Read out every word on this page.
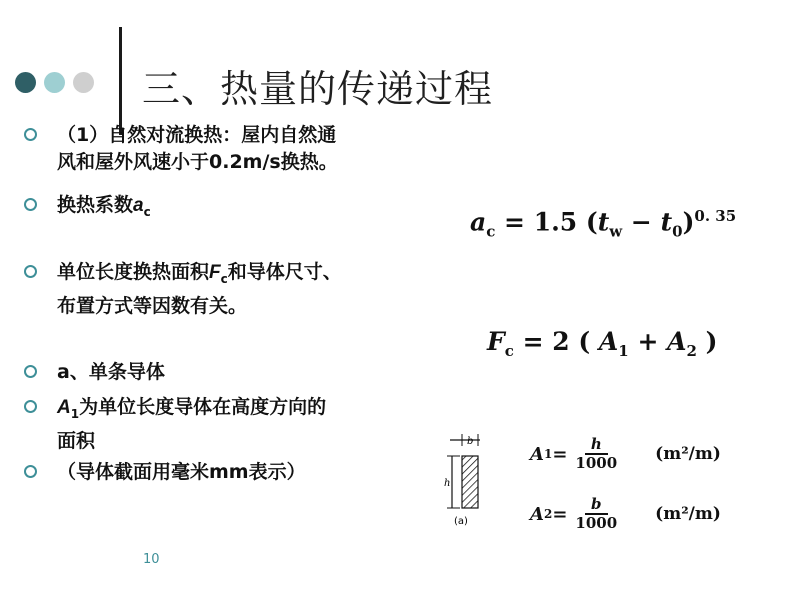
三、热量的传递过程
（1）自然对流换热：屋内自然通
风和屋外风速小于0.2m/s换热。
换热系数$a_c$
单位长度换热面积$F_c$和导体尺寸、
布置方式等因数有关。
a、单条导体
$A_1$为单位长度导体在高度方向的
面积
（导体截面用毫米mm表示）
$a_c = 1.5$ $(t_w - t_0)^{0. 35}$
$F_c = 2$ ( $A_1 + A_2$ )
b
h
(a)
A $1 = \frac{h}{1000} (m^2/m)$
A $2 = \frac{b}{1000} (m^2/m)$
10
